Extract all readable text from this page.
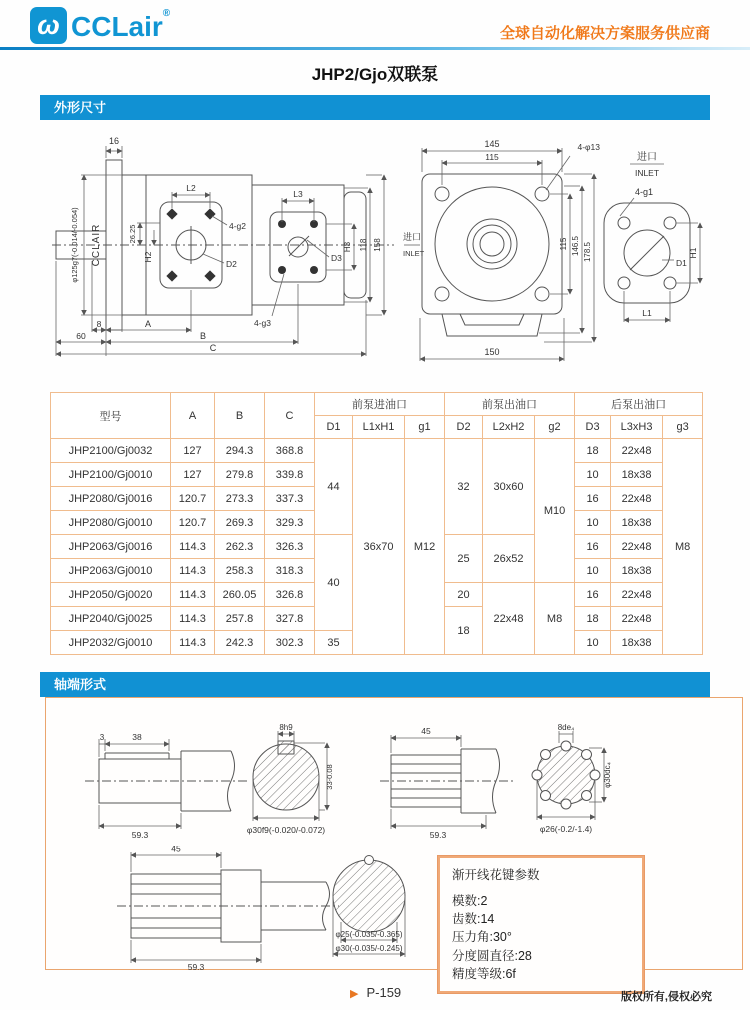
ω CCLair®
全球自动化解决方案服务供应商
JHP2/Gjo双联泵
外形尺寸
16
φ125g7(-0.014/-0.054) CCLAIR	26.25
H2
L2
4-g2
D2
L3
D3
4-g3
H3 118 158
8	A
60	B
C
145
115
4-φ13
115 146.5 178.5
150
进口
INLET
进口
INLET
4-g1
D1
H1
L1
型号	A	B	C	前泵进油口			前泵出油口			后泵出油口		
				D1	L1xH1	g1	D2	L2xH2	g2	D3	L3xH3	g3
JHP2100/Gj0032	127	294.3	368.8	44	36x70	M12	32	30x60	M10	18	22x48	M8
JHP2100/Gj0010	127	279.8	339.8							10	18x38	
JHP2080/Gj0016	120.7	273.3	337.3							16	22x48	
JHP2080/Gj0010	120.7	269.3	329.3							10	18x38	
JHP2063/Gj0016	114.3	262.3	326.3	40			25	26x52		16	22x48	
JHP2063/Gj0010	114.3	258.3	318.3							10	18x38	
JHP2050/Gj0020	114.3	260.05	326.8				20	22x48	M8	16	22x48	
JHP2040/Gj0025	114.3	257.8	327.8				18			18	22x48	
JHP2032/Gj0010	114.3	242.3	302.3	35						10	18x38	
轴端形式
3	38
59.3
8h9
33-0.08
φ30f9(-0.020/-0.072)
45
59.3
8de₄
φ30dc₄
φ26(-0.2/-1.4)
45
59.3
φ25(-0.035/-0.365)
φ30(-0.035/-0.245)
渐开线花键参数
模数:2
齿数:14
压力角:30°
分度圆直径:28
精度等级:6f
▶ P-159	版权所有,侵权必究
